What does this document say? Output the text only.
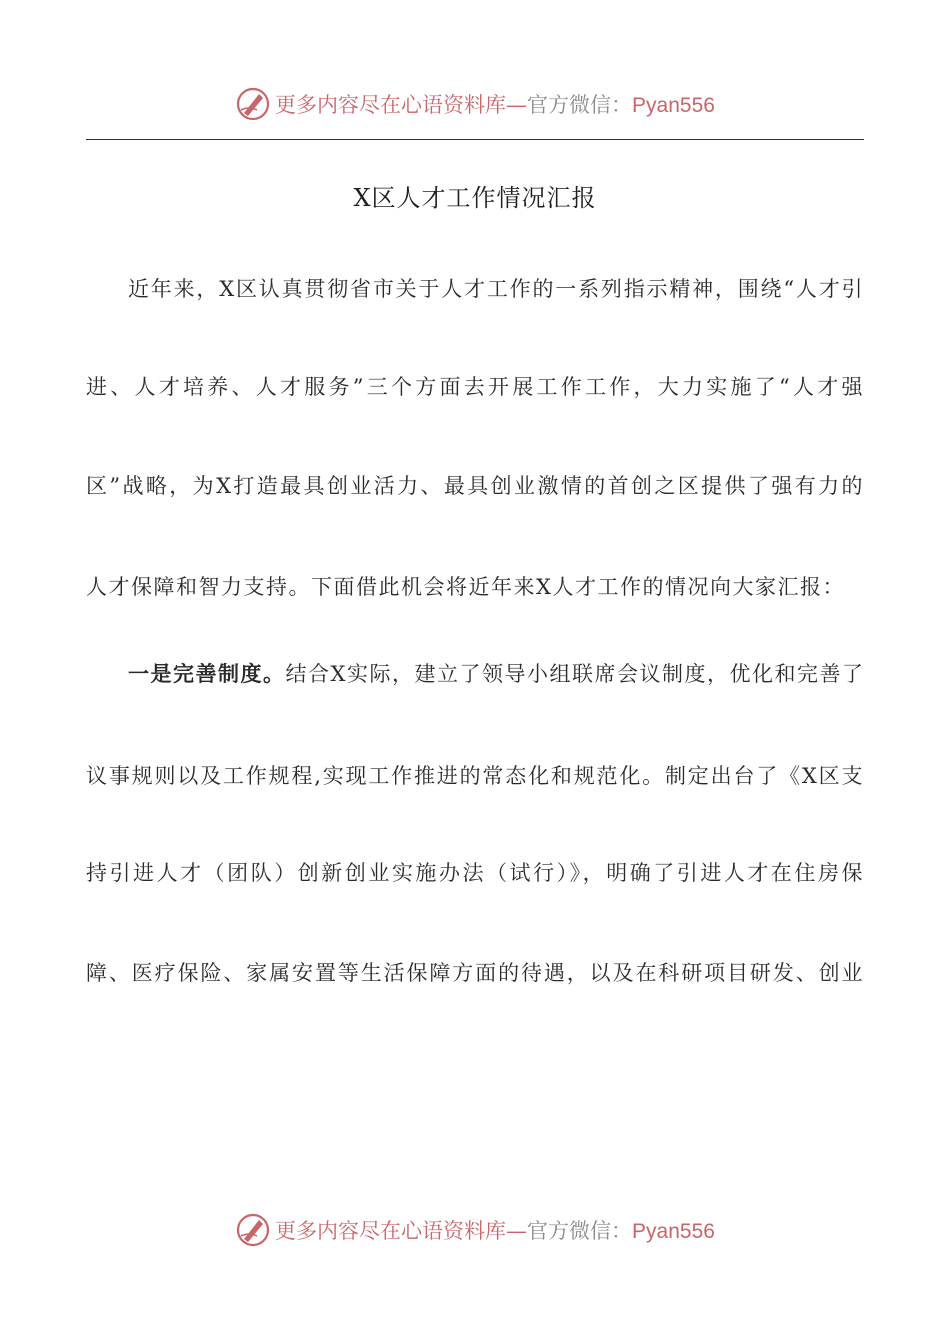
更多内容尽在心语资料库—官方微信：Pyan556
X区人才工作情况汇报
近年来，X区认真贯彻省市关于人才工作的一系列指示精神，围绕“人才引
进、人才培养、人才服务”三个方面去开展工作工作，大力实施了“人才强
区”战略，为X打造最具创业活力、最具创业激情的首创之区提供了强有力的
人才保障和智力支持。下面借此机会将近年来X人才工作的情况向大家汇报：
一是完善制度。结合X实际，建立了领导小组联席会议制度，优化和完善了
议事规则以及工作规程,实现工作推进的常态化和规范化。制定出台了《X区支
持引进人才（团队）创新创业实施办法（试行）》，明确了引进人才在住房保
障、医疗保险、家属安置等生活保障方面的待遇，以及在科研项目研发、创业
更多内容尽在心语资料库—官方微信：Pyan556
